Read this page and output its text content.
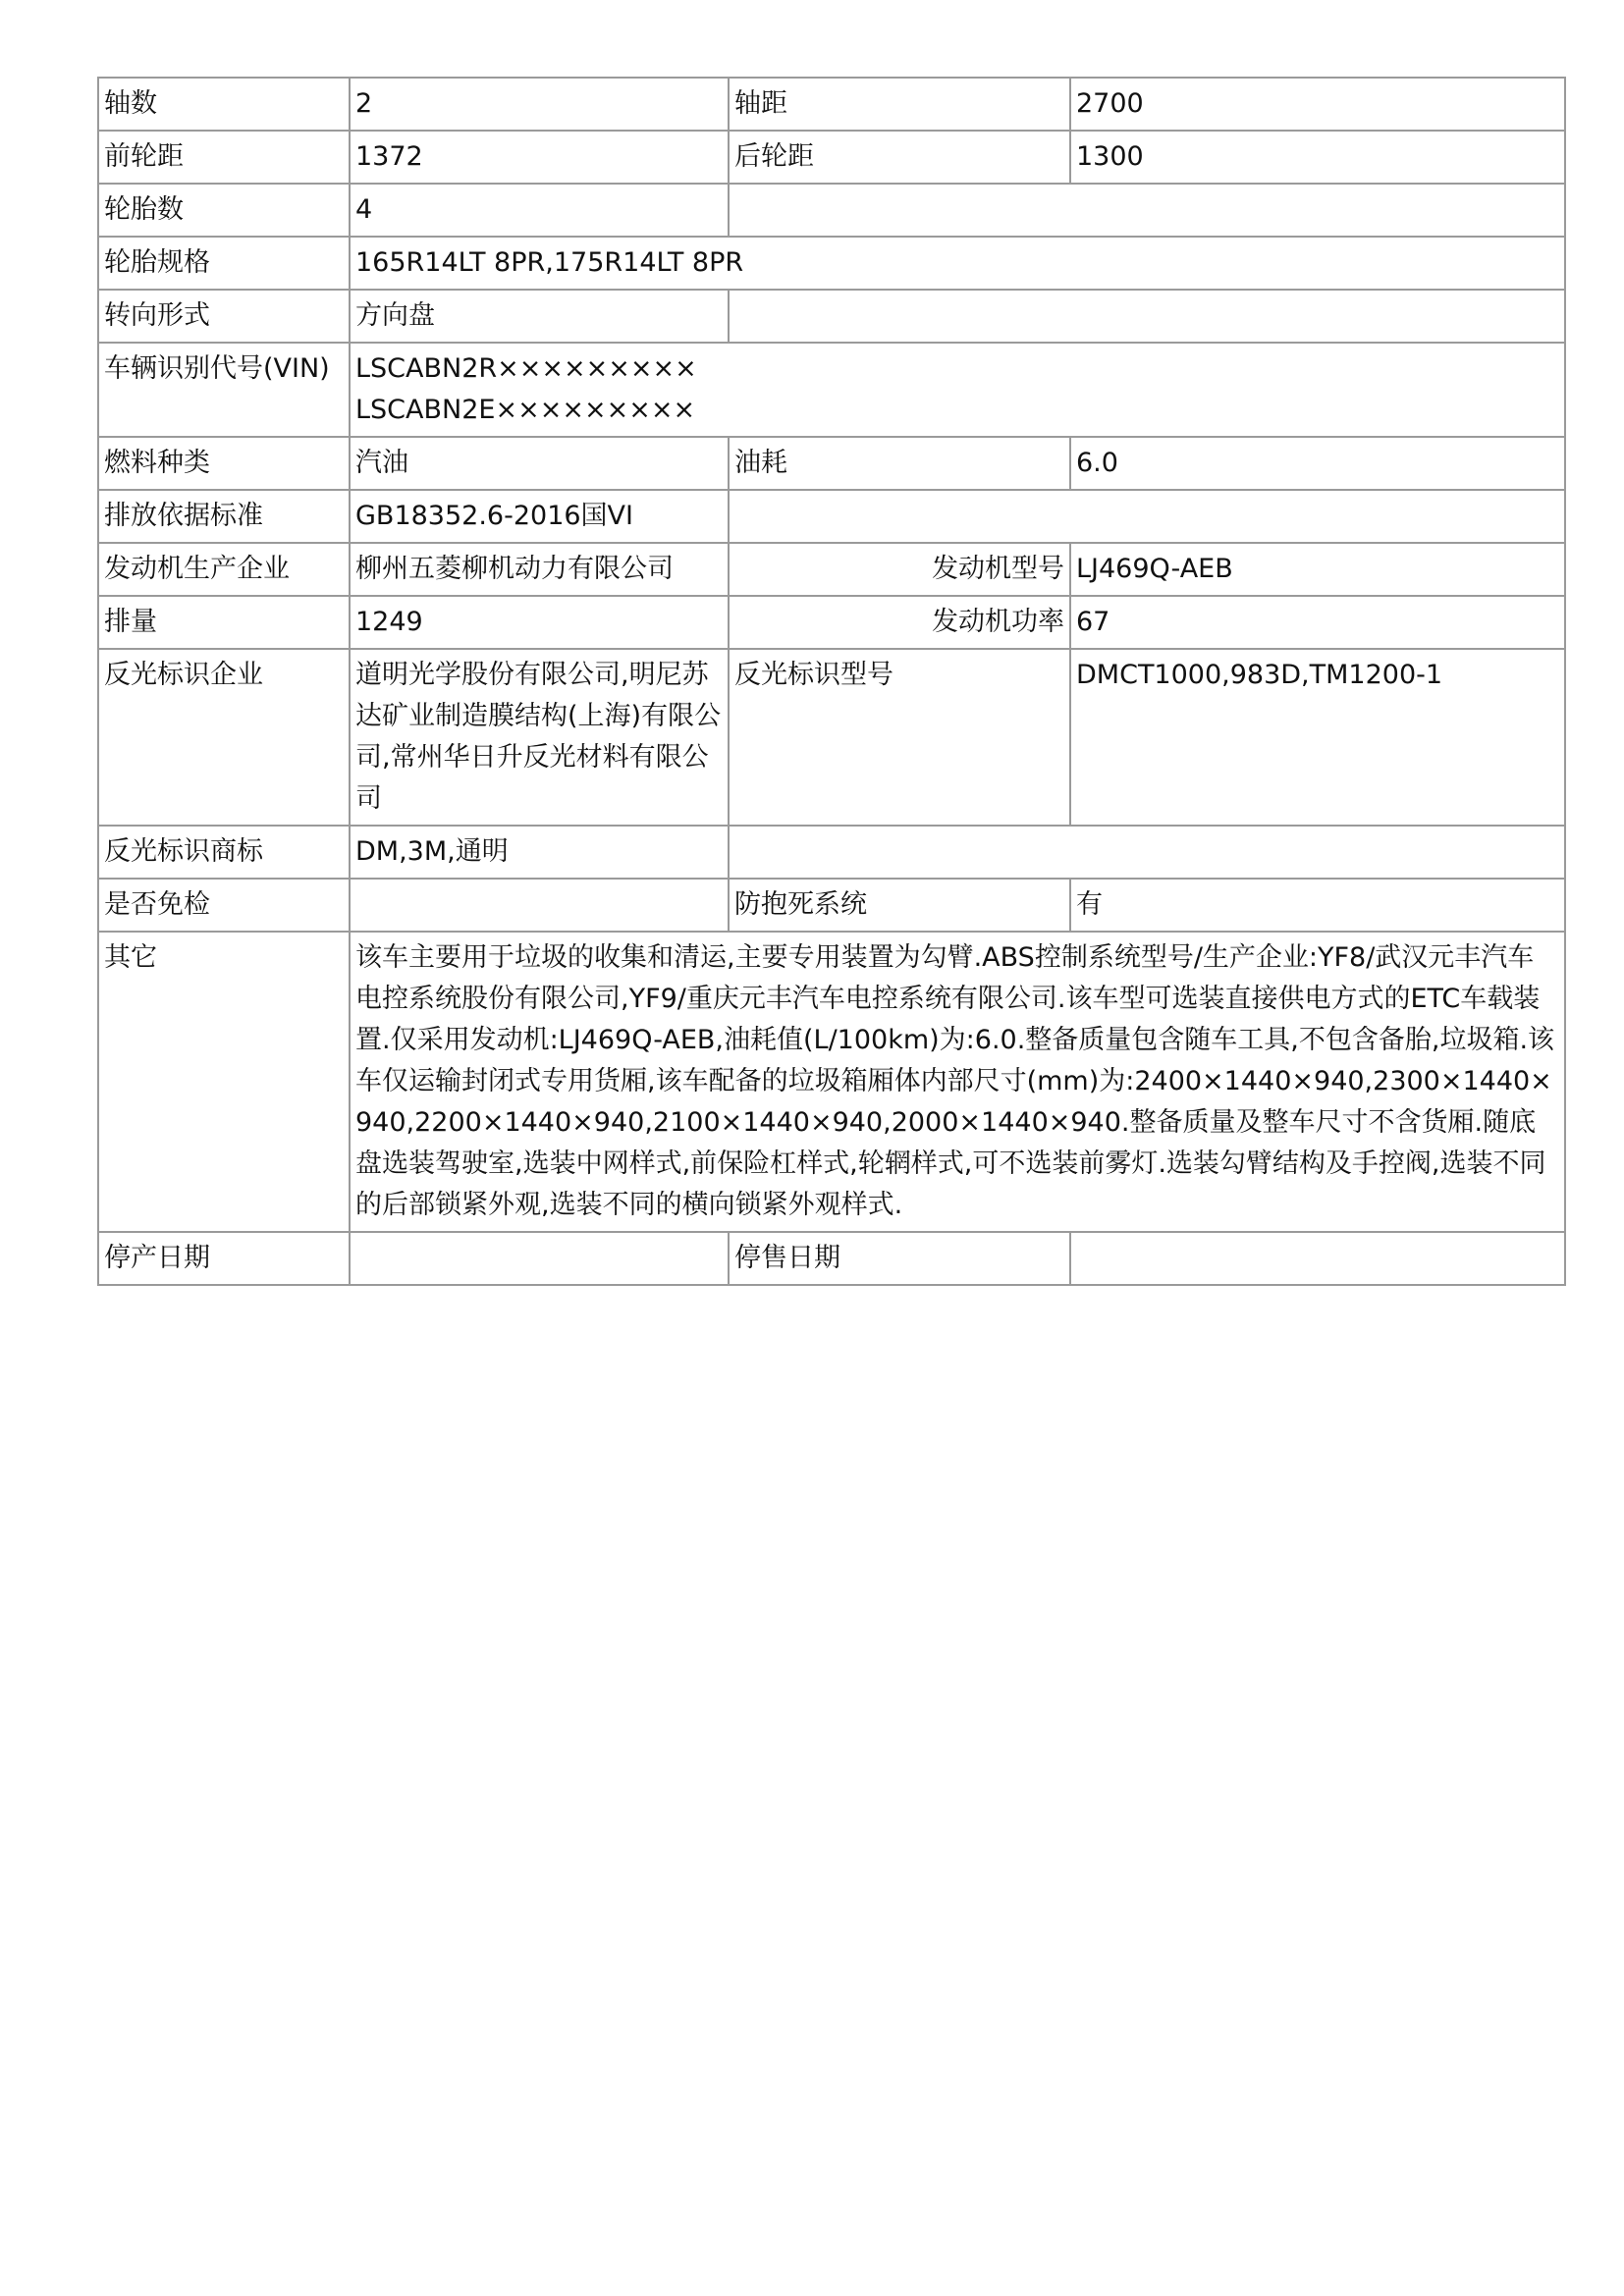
轴数	2	轴距	2700
前轮距	1372	后轮距	1300
轮胎数	4		
轮胎规格	165R14LT 8PR,175R14LT 8PR		
转向形式	方向盘		
车辆识别代号(VIN)	LSCABN2R×××××××××
LSCABN2E×××××××××		

燃料种类	汽油	油耗	6.0
排放依据标准	GB18352.6-2016国VI		
发动机生产企业	柳州五菱柳机动力有限公司	发动机型号	LJ469Q-AEB
排量	1249	发动机功率	67
反光标识企业	道明光学股份有限公司,明尼苏达矿业制造膜结构(上海)有限公司,常州华日升反光材料有限公司	反光标识型号	DMCT1000,983D,TM1200-1
反光标识商标	DM,3M,通明		
是否免检		防抱死系统	有
其它	该车主要用于垃圾的收集和清运,主要专用装置为勾臂.ABS控制系统型号/生产企业:YF8/武汉元丰汽车电控系统股份有限公司,YF9/重庆元丰汽车电控系统有限公司.该车型可选装直接供电方式的ETC车载装置.仅采用发动机:LJ469Q-AEB,油耗值(L/100km)为:6.0.整备质量包含随车工具,不包含备胎,垃圾箱.该车仅运输封闭式专用货厢,该车配备的垃圾箱厢体内部尺寸(mm)为:2400×1440×940,2300×1440×940,2200×1440×940,2100×1440×940,2000×1440×940.整备质量及整车尺寸不含货厢.随底盘选装驾驶室,选装中网样式,前保险杠样式,轮辋样式,可不选装前雾灯.选装勾臂结构及手控阀,选装不同的后部锁紧外观,选装不同的横向锁紧外观样式.		
停产日期		停售日期	
